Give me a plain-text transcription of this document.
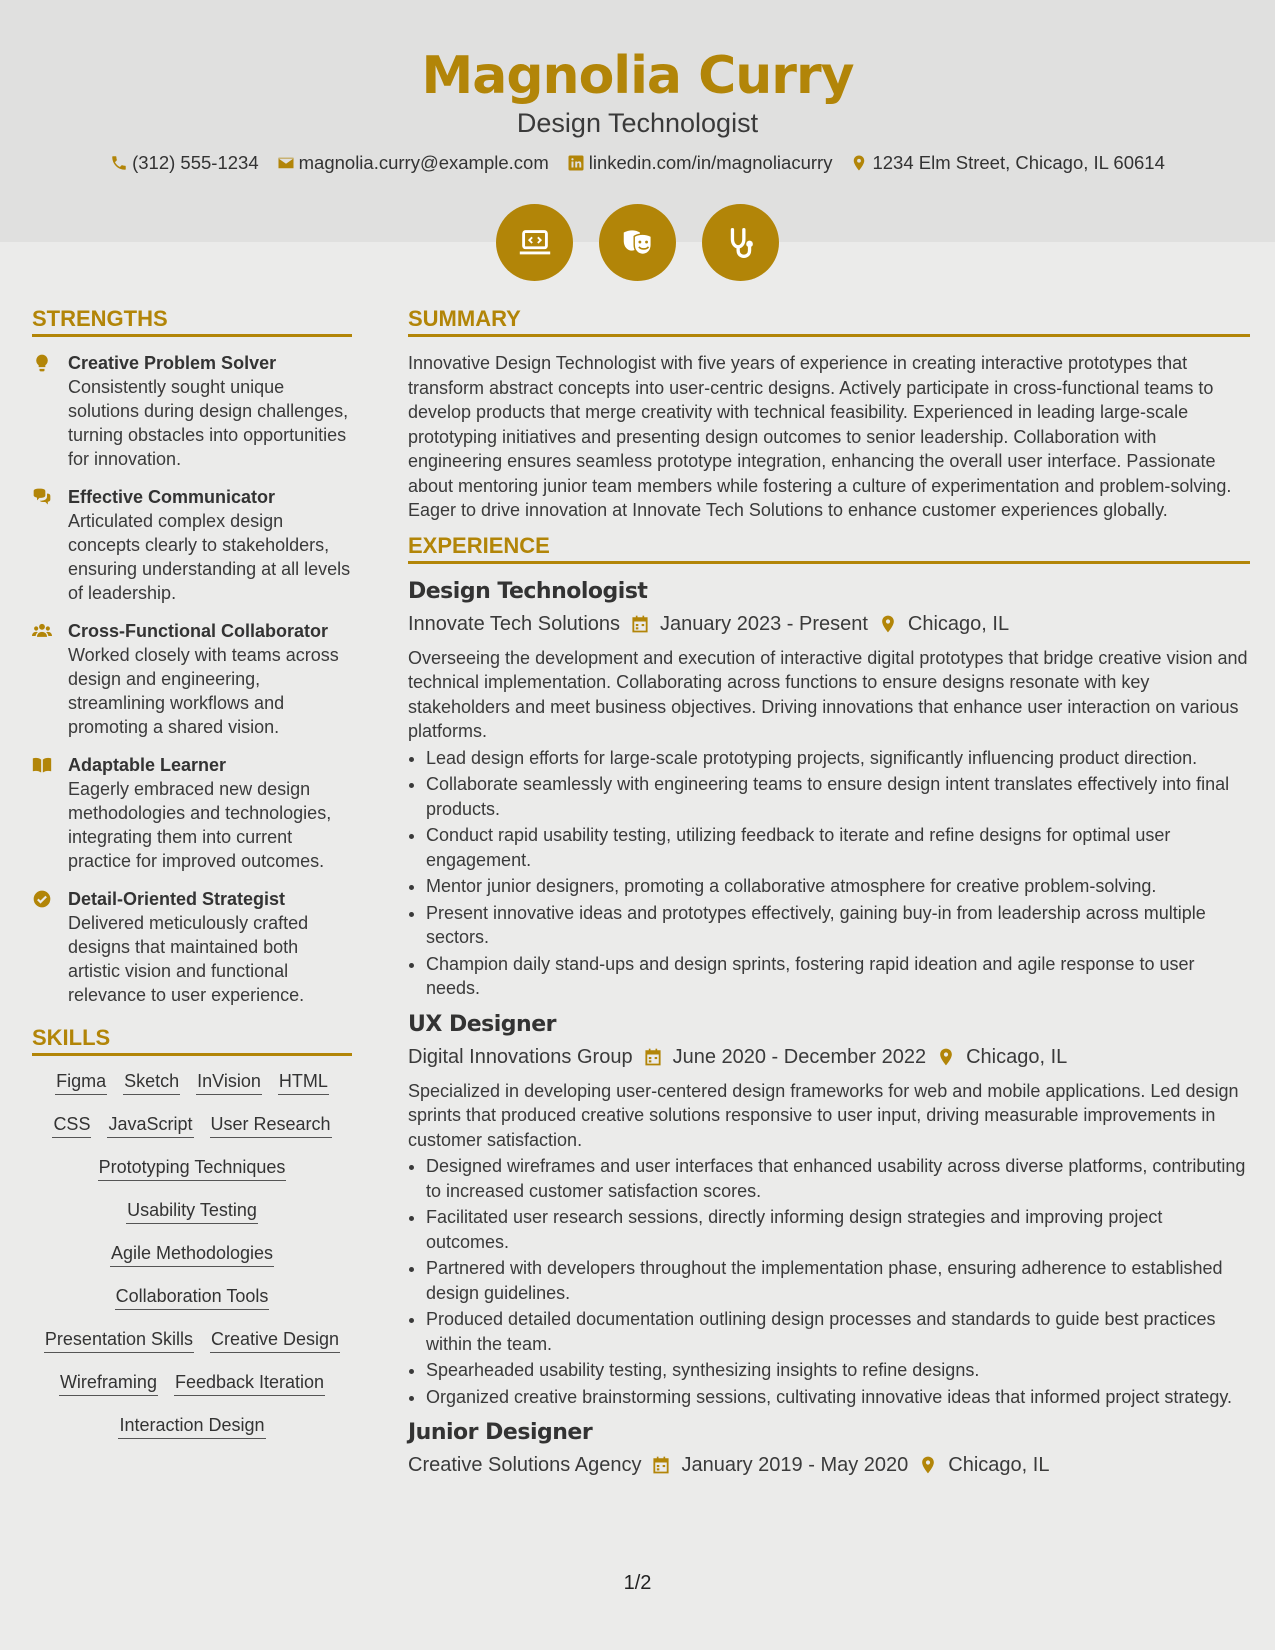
Magnolia Curry
Design Technologist
(312) 555-1234 magnolia.curry@example.com linkedin.com/in/magnoliacurry 1234 Elm Street, Chicago, IL 60614
STRENGTHS
Creative Problem Solver
Consistently sought unique solutions during design challenges, turning obstacles into opportunities for innovation.
Effective Communicator
Articulated complex design concepts clearly to stakeholders, ensuring understanding at all levels of leadership.
Cross-Functional Collaborator
Worked closely with teams across design and engineering, streamlining workflows and promoting a shared vision.
Adaptable Learner
Eagerly embraced new design methodologies and technologies, integrating them into current practice for improved outcomes.
Detail-Oriented Strategist
Delivered meticulously crafted designs that maintained both artistic vision and functional relevance to user experience.
SKILLS
Figma Sketch InVision HTML
CSS JavaScript User Research
Prototyping Techniques
Usability Testing
Agile Methodologies
Collaboration Tools
Presentation Skills Creative Design
Wireframing Feedback Iteration
Interaction Design
SUMMARY
Innovative Design Technologist with five years of experience in creating interactive prototypes that transform abstract concepts into user-centric designs. Actively participate in cross-functional teams to develop products that merge creativity with technical feasibility. Experienced in leading large-scale prototyping initiatives and presenting design outcomes to senior leadership. Collaboration with engineering ensures seamless prototype integration, enhancing the overall user interface. Passionate about mentoring junior team members while fostering a culture of experimentation and problem-solving. Eager to drive innovation at Innovate Tech Solutions to enhance customer experiences globally.
EXPERIENCE
Design Technologist
Innovate Tech Solutions January 2023 - Present Chicago, IL
Overseeing the development and execution of interactive digital prototypes that bridge creative vision and technical implementation. Collaborating across functions to ensure designs resonate with key stakeholders and meet business objectives. Driving innovations that enhance user interaction on various platforms.
• Lead design efforts for large-scale prototyping projects, significantly influencing product direction.
• Collaborate seamlessly with engineering teams to ensure design intent translates effectively into final products.
• Conduct rapid usability testing, utilizing feedback to iterate and refine designs for optimal user engagement.
• Mentor junior designers, promoting a collaborative atmosphere for creative problem-solving.
• Present innovative ideas and prototypes effectively, gaining buy-in from leadership across multiple sectors.
• Champion daily stand-ups and design sprints, fostering rapid ideation and agile response to user needs.
UX Designer
Digital Innovations Group June 2020 - December 2022 Chicago, IL
Specialized in developing user-centered design frameworks for web and mobile applications. Led design sprints that produced creative solutions responsive to user input, driving measurable improvements in customer satisfaction.
• Designed wireframes and user interfaces that enhanced usability across diverse platforms, contributing to increased customer satisfaction scores.
• Facilitated user research sessions, directly informing design strategies and improving project outcomes.
• Partnered with developers throughout the implementation phase, ensuring adherence to established design guidelines.
• Produced detailed documentation outlining design processes and standards to guide best practices within the team.
• Spearheaded usability testing, synthesizing insights to refine designs.
• Organized creative brainstorming sessions, cultivating innovative ideas that informed project strategy.
Junior Designer
Creative Solutions Agency January 2019 - May 2020 Chicago, IL
1/2
